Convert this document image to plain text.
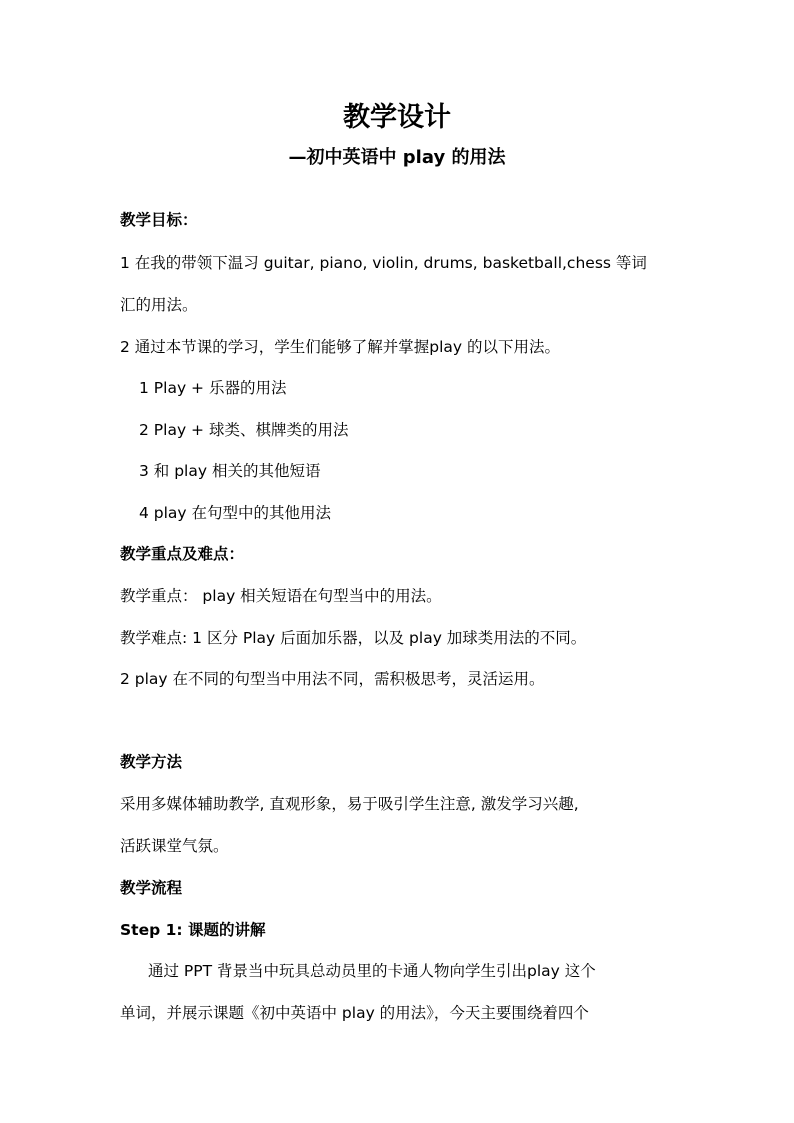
教学设计
—初中英语中 play 的用法
教学目标：
1 在我的带领下温习 guitar, piano, violin, drums, basketball,chess 等词
汇的用法。
2 通过本节课的学习，学生们能够了解并掌握play 的以下用法。
1 Play + 乐器的用法
2 Play + 球类、棋牌类的用法
3 和 play 相关的其他短语
4 play 在句型中的其他用法
教学重点及难点：
教学重点： play 相关短语在句型当中的用法。
教学难点: 1 区分 Play 后面加乐器，以及 play 加球类用法的不同。
2 play 在不同的句型当中用法不同，需积极思考，灵活运用。
教学方法
采用多媒体辅助教学, 直观形象，易于吸引学生注意, 激发学习兴趣,
活跃课堂气氛。
教学流程
Step 1: 课题的讲解
通过 PPT 背景当中玩具总动员里的卡通人物向学生引出play 这个
单词，并展示课题《初中英语中 play 的用法》，今天主要围绕着四个
